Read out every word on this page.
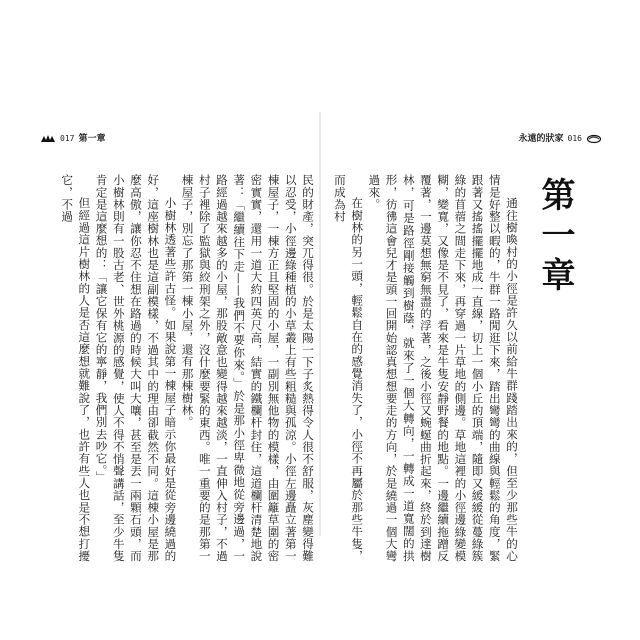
017 第一章	永遠的狀家 016
第一章

通往樹喚村的小徑是許久以前給牛群踐踏出來的，但至少那些牛的心情是好整以暇的，牛群一路閒逛下來，踏出彎彎的曲線與輕鬆的角度，緊跟著又搖搖擺擺地成一直線，切上一個小丘的頂端，隨即又緩緩從蔓綠簇綠的苜蓿之間走下來，再穿過一片草地的側邊。草地這裡的小徑邊綠變模糊，變寬，又像是不見了，看來是牛隻安靜野餐的地點。一邊繼續拖蹭反覆著，一邊莫想無窮無盡的浮著，之後小徑又蜿蜒曲折起來，終於到達樹林，可是路徑剛接觸到樹蔭，就來了一個大轉向，一轉成一道寬闊的拱形，彷彿這會兒才是頭一回開始認真想想要走的方向，於是繞過一個大彎過來。

在樹林的另一頭，輕鬆自在的感覺消失了，小徑不再屬於那些牛隻，而成為村

民的財產，突兀得很。於是太陽一下子炙熱得令人很不舒服，灰塵變得難以忍受，小徑邊綠種植的小草叢上有些粗糙與孤涼。小徑左邊矗立著第一棟屋子，一棟方正且堅固的小屋，一副別無他物的模樣，由圍籬草圍的密密實實，還用一道大約四英尺高，結實的鐵欄杆封住，這道欄杆清楚地說著：「繼續往下走——我們不要你來。」於是那小徑卑微地從旁邊過，一路經過越來越多的小屋，那股敵意也變得越來越淡，一直伸入村子，不過村子裡除了監獄與絞刑架之外，沒什麼要緊的東西。唯一重要的是那第一棟屋子，別忘了那第一棟小屋，還有那棟樹林。

小樹林透著些許古怪。如果說第一棟屋子暗示你最好是從旁邊繞過的好，這座樹林也是這副模樣，不過其中的理由卻截然不同。這棟小屋是那麼高傲，讓你忍不住想在路過的時候大叫大嚷，甚至是丟一兩顆石頭，而小樹林則有一股古老、世外桃源的感覺，使人不得不悄聲講話，至少牛隻肯定是這麼想的：「讓它保有它的寧靜，我們別去吵它。」

但經過這片樹林的人是否這麼想就難說了，也許有些人也是不想打擾它，不過
